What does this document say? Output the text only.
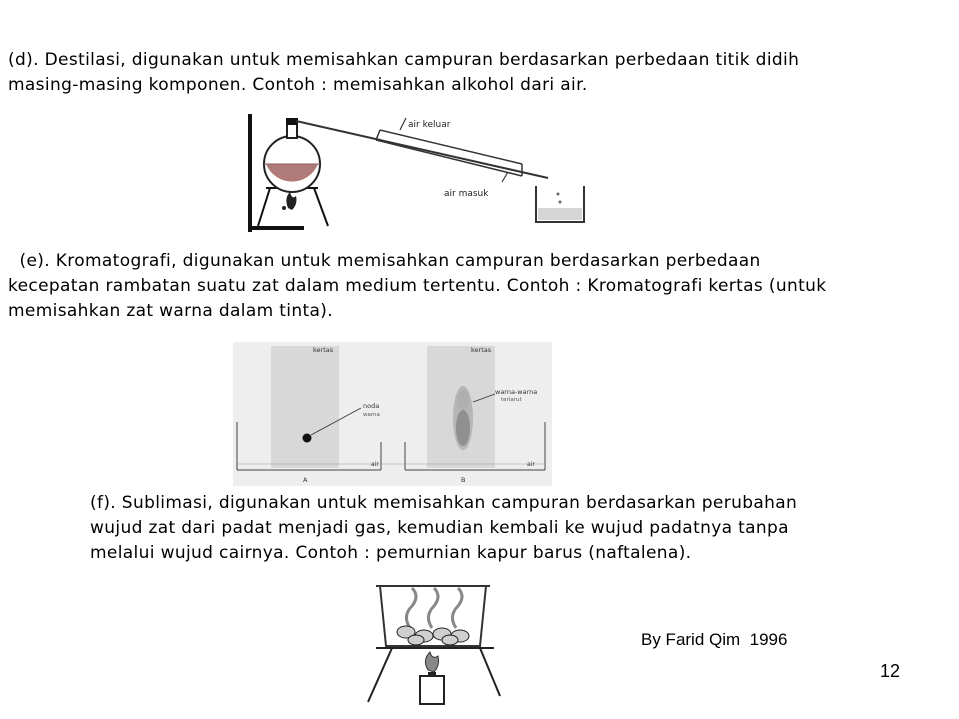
(d). Destilasi, digunakan untuk memisahkan campuran berdasarkan perbedaan titik didih
masing-masing komponen. Contoh : memisahkan alkohol dari air.

air keluar
air masuk

(e). Kromatografi, digunakan untuk memisahkan campuran berdasarkan perbedaan
kecepatan rambatan suatu zat dalam medium tertentu. Contoh : Kromatografi kertas (untuk
memisahkan zat warna dalam tinta).

kertas	kertas
noda
warna
warna-warna
terlarut
air	air
A	B

(f). Sublimasi, digunakan untuk memisahkan campuran berdasarkan perubahan
wujud zat dari padat menjadi gas, kemudian kembali ke wujud padatnya tanpa
melalui wujud cairnya. Contoh : pemurnian kapur barus (naftalena).

By Farid Qim  1996
12
